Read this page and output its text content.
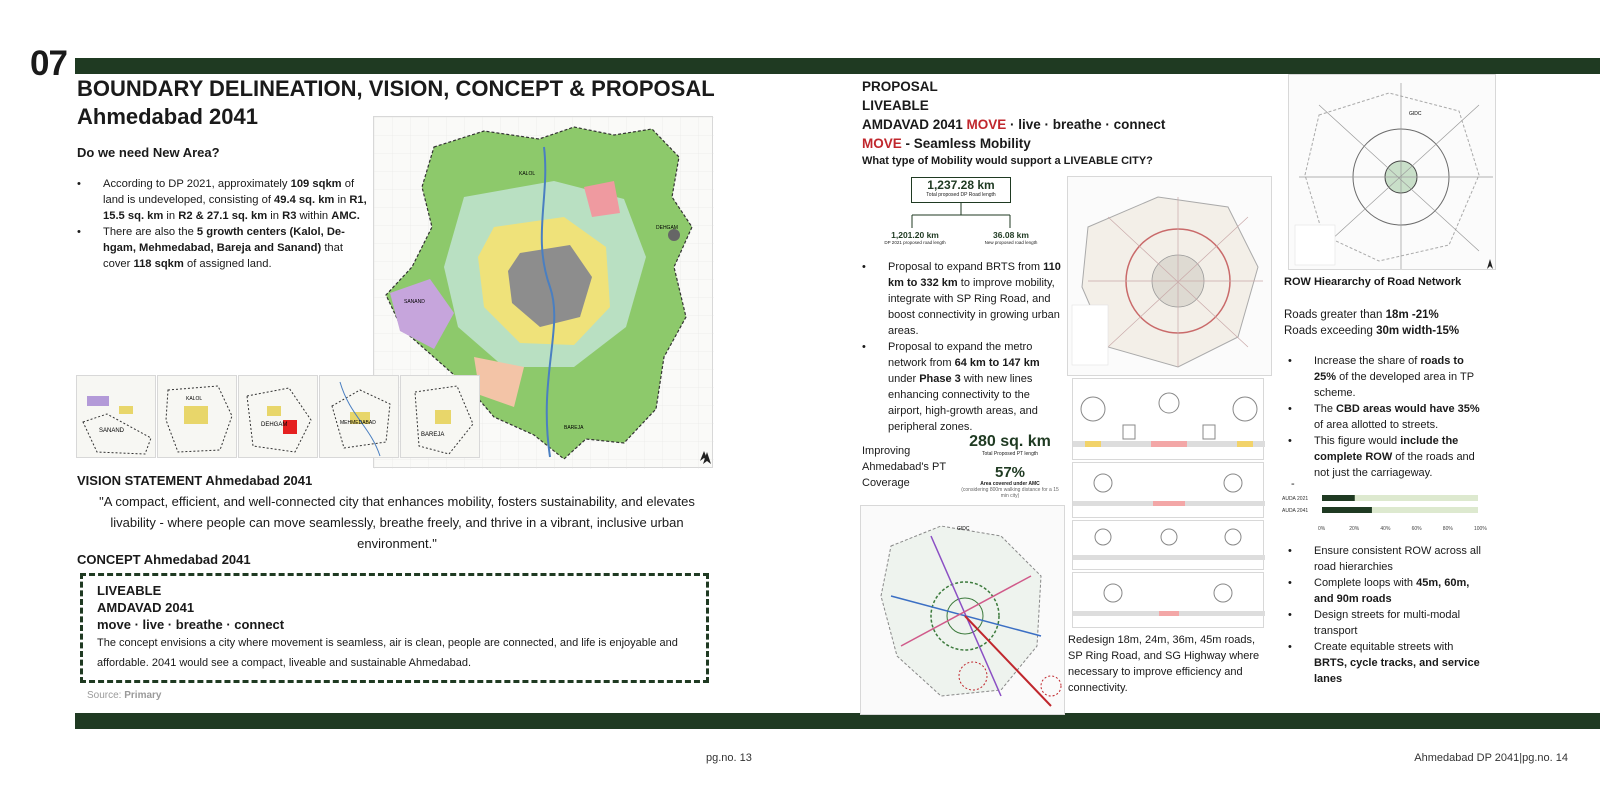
07
BOUNDARY DELINEATION, VISION, CONCEPT & PROPOSAL
Ahmedabad 2041
Do we need New Area?
• According to DP 2021, approximately 109 sqkm of land is undeveloped, consisting of 49.4 sq. km in R1, 15.5 sq. km in R2 & 27.1 sq. km in R3 within AMC.
• There are also the 5 growth centers (Kalol, De-hgam, Mehmedabad, Bareja and Sanand) that cover 118 sqkm of assigned land.
KALOL
DEHGAM
SANAND
BAREJA
SANAND
KALOL
DEHGAM	MEHMEDABAD
BAREJA
VISION STATEMENT Ahmedabad 2041
"A compact, efficient, and well-connected city that enhances mobility, fosters sustainability, and elevates livability - where people can move seamlessly, breathe freely, and thrive in a vibrant, inclusive urban environment."
CONCEPT Ahmedabad 2041
LIVEABLE
AMDAVAD 2041
move · live · breathe · connect
The concept envisions a city where movement is seamless, air is clean, people are connected, and life is enjoyable and affordable. 2041 would see a compact, liveable and sustainable Ahmedabad.
Source: Primary
PROPOSAL
LIVEABLE
AMDAVAD 2041 MOVE · live · breathe · connect
MOVE - Seamless Mobility
What type of Mobility would support a LIVEABLE CITY?
1,237.28 km
Total proposed DP Road length
1,201.20 km
DP 2021 proposed road length
36.08 km
New proposed road length
• Proposal to expand BRTS from 110 km to 332 km to improve mobility, integrate with SP Ring Road, and boost connectivity in growing urban areas.
• Proposal to expand the metro network from 64 km to 147 km under Phase 3 with new lines enhancing connectivity to the airport, high-growth areas, and peripheral zones.
Improving Ahmedabad's PT Coverage
280 sq. km
Total Proposed PT length
57%
Area covered under AMC
(considering 800m walking distance for a 15 min city)
GIDC
Redesign 18m, 24m, 36m, 45m roads, SP Ring Road, and SG Highway where necessary to improve efficiency and connectivity.
GIDC
ROW Hieararchy of Road Network
Roads greater than 18m -21%
Roads exceeding 30m width-15%
• Increase the share of roads to 25% of the developed area in TP scheme.
• The CBD areas would have 35% of area allotted to streets.
• This figure would include the complete ROW of the roads and not just the carriageway.
-
AUDA 2021
AUDA 2041
0%	20%	40%	60%	80%	100%
• Ensure consistent ROW across all road hierarchies
• Complete loops with 45m, 60m, and 90m roads
• Design streets for multi-modal transport
• Create equitable streets with BRTS, cycle tracks, and service lanes
pg.no. 13	Ahmedabad DP 2041|pg.no. 14
